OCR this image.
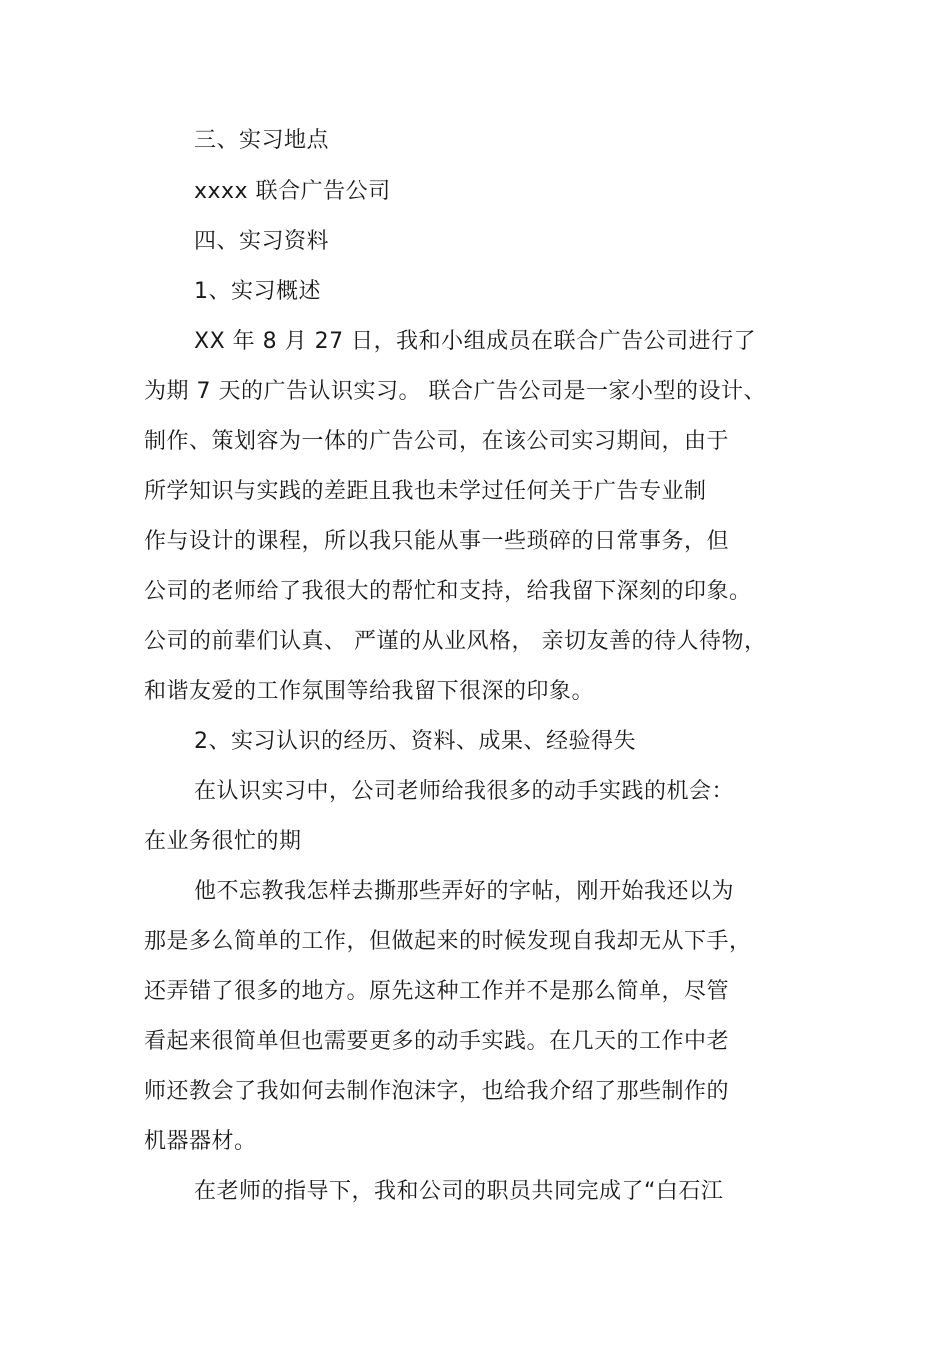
三、实习地点
xxxx 联合广告公司
四、实习资料
1、实习概述
XX 年 8 月 27 日，我和小组成员在联合广告公司进行了
为期 7 天的广告认识实习。 联合广告公司是一家小型的设计、
制作、策划容为一体的广告公司，在该公司实习期间，由于
所学知识与实践的差距且我也未学过任何关于广告专业制
作与设计的课程，所以我只能从事一些琐碎的日常事务，但
公司的老师给了我很大的帮忙和支持，给我留下深刻的印象。
公司的前辈们认真、 严谨的从业风格， 亲切友善的待人待物，
和谐友爱的工作氛围等给我留下很深的印象。
2、实习认识的经历、资料、成果、经验得失
在认识实习中，公司老师给我很多的动手实践的机会：
在业务很忙的期
他不忘教我怎样去撕那些弄好的字帖，刚开始我还以为
那是多么简单的工作，但做起来的时候发现自我却无从下手，
还弄错了很多的地方。原先这种工作并不是那么简单，尽管
看起来很简单但也需要更多的动手实践。在几天的工作中老
师还教会了我如何去制作泡沫字，也给我介绍了那些制作的
机器器材。
在老师的指导下，我和公司的职员共同完成了“白石江
